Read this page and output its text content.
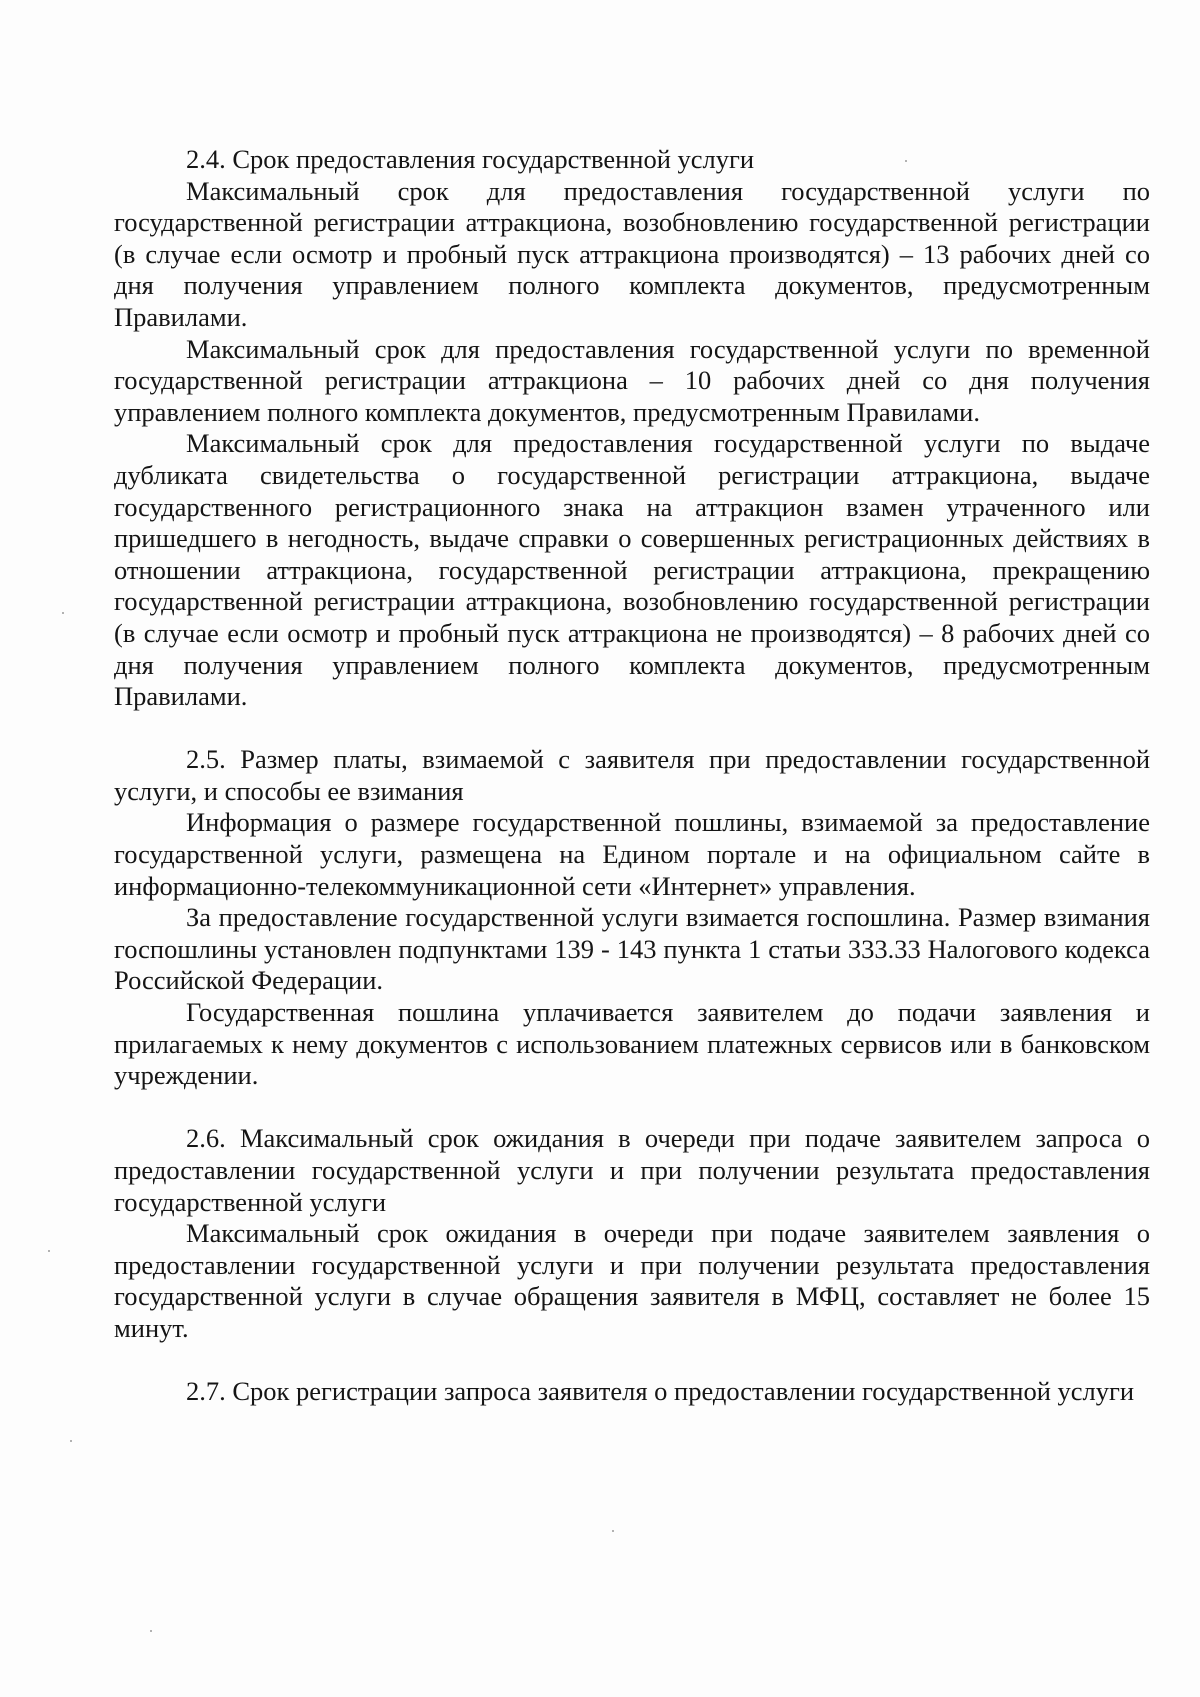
2.4. Срок предоставления государственной услуги

Максимальный срок для предоставления государственной услуги по государственной регистрации аттракциона, возобновлению государственной регистрации (в случае если осмотр и пробный пуск аттракциона производятся) – 13 рабочих дней со дня получения управлением полного комплекта документов, предусмотренным Правилами.

Максимальный срок для предоставления государственной услуги по временной государственной регистрации аттракциона – 10 рабочих дней со дня получения управлением полного комплекта документов, предусмотренным Правилами.

Максимальный срок для предоставления государственной услуги по выдаче дубликата свидетельства о государственной регистрации аттракциона, выдаче государственного регистрационного знака на аттракцион взамен утраченного или пришедшего в негодность, выдаче справки о совершенных регистрационных действиях в отношении аттракциона, государственной регистрации аттракциона, прекращению государственной регистрации аттракциона, возобновлению государственной регистрации (в случае если осмотр и пробный пуск аттракциона не производятся) – 8 рабочих дней со дня получения управлением полного комплекта документов, предусмотренным Правилами.

2.5. Размер платы, взимаемой с заявителя при предоставлении государственной услуги, и способы ее взимания

Информация о размере государственной пошлины, взимаемой за предоставление государственной услуги, размещена на Едином портале и на официальном сайте в информационно-телекоммуникационной сети «Интернет» управления.

За предоставление государственной услуги взимается госпошлина. Размер взимания госпошлины установлен подпунктами 139 - 143 пункта 1 статьи 333.33 Налогового кодекса Российской Федерации.

Государственная пошлина уплачивается заявителем до подачи заявления и прилагаемых к нему документов с использованием платежных сервисов или в банковском учреждении.

2.6. Максимальный срок ожидания в очереди при подаче заявителем запроса о предоставлении государственной услуги и при получении результата предоставления государственной услуги

Максимальный срок ожидания в очереди при подаче заявителем заявления о предоставлении государственной услуги и при получении результата предоставления государственной услуги в случае обращения заявителя в МФЦ, составляет не более 15 минут.

2.7. Срок регистрации запроса заявителя о предоставлении государственной услуги
